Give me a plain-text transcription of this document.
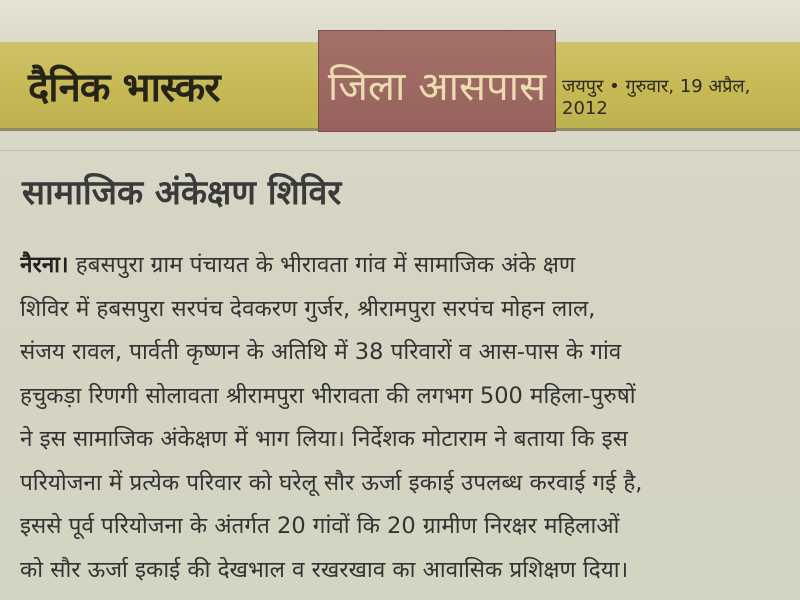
दैनिक भास्कर	जिला आसपास जयपुर • गुरुवार, 19 अप्रैल, 2012
सामाजिक अंकेक्षण शिविर
नैरना। हबसपुरा ग्राम पंचायत के भीरावता गांव में सामाजिक अंके क्षण
शिविर में हबसपुरा सरपंच देवकरण गुर्जर, श्रीरामपुरा सरपंच मोहन लाल,
संजय रावल, पार्वती कृष्णन के अतिथि में 38 परिवारों व आस-पास के गांव
हचुकड़ा रिणगी सोलावता श्रीरामपुरा भीरावता की लगभग 500 महिला-पुरुषों
ने इस सामाजिक अंकेक्षण में भाग लिया। निर्देशक मोटाराम ने बताया कि इस
परियोजना में प्रत्येक परिवार को घरेलू सौर ऊर्जा इकाई उपलब्ध करवाई गई है,
इससे पूर्व परियोजना के अंतर्गत 20 गांवों कि 20 ग्रामीण निरक्षर महिलाओं
को सौर ऊर्जा इकाई की देखभाल व रखरखाव का आवासिक प्रशिक्षण दिया।
